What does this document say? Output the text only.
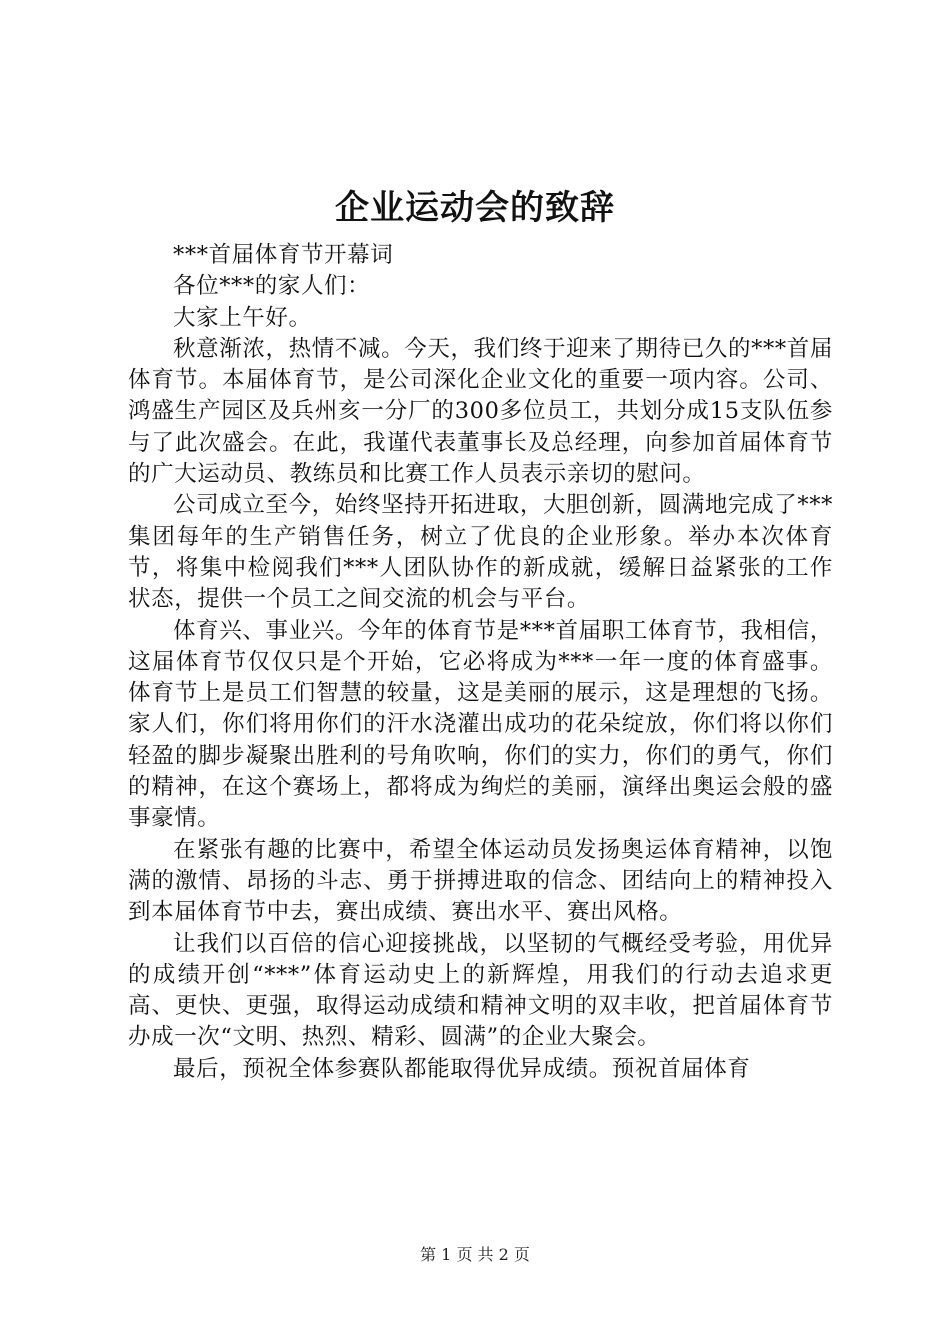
企业运动会的致辞

***首届体育节开幕词

各位***的家人们：

大家上午好。

秋意渐浓，热情不减。今天，我们终于迎来了期待已久的***首届体育节。本届体育节，是公司深化企业文化的重要一项内容。公司、鸿盛生产园区及兵州亥一分厂的300多位员工，共划分成15支队伍参与了此次盛会。在此，我谨代表董事长及总经理，向参加首届体育节的广大运动员、教练员和比赛工作人员表示亲切的慰问。

公司成立至今，始终坚持开拓进取，大胆创新，圆满地完成了***集团每年的生产销售任务，树立了优良的企业形象。举办本次体育节，将集中检阅我们***人团队协作的新成就，缓解日益紧张的工作状态，提供一个员工之间交流的机会与平台。

体育兴、事业兴。今年的体育节是***首届职工体育节，我相信，这届体育节仅仅只是个开始，它必将成为***一年一度的体育盛事。体育节上是员工们智慧的较量，这是美丽的展示，这是理想的飞扬。家人们，你们将用你们的汗水浇灌出成功的花朵绽放，你们将以你们轻盈的脚步凝聚出胜利的号角吹响，你们的实力，你们的勇气，你们的精神，在这个赛场上，都将成为绚烂的美丽，演绎出奥运会般的盛事豪情。

在紧张有趣的比赛中，希望全体运动员发扬奥运体育精神，以饱满的激情、昂扬的斗志、勇于拼搏进取的信念、团结向上的精神投入到本届体育节中去，赛出成绩、赛出水平、赛出风格。

让我们以百倍的信心迎接挑战，以坚韧的气概经受考验，用优异的成绩开创“***”体育运动史上的新辉煌，用我们的行动去追求更高、更快、更强，取得运动成绩和精神文明的双丰收，把首届体育节办成一次“文明、热烈、精彩、圆满”的企业大聚会。

最后，预祝全体参赛队都能取得优异成绩。预祝首届体育

第 1 页 共 2 页
